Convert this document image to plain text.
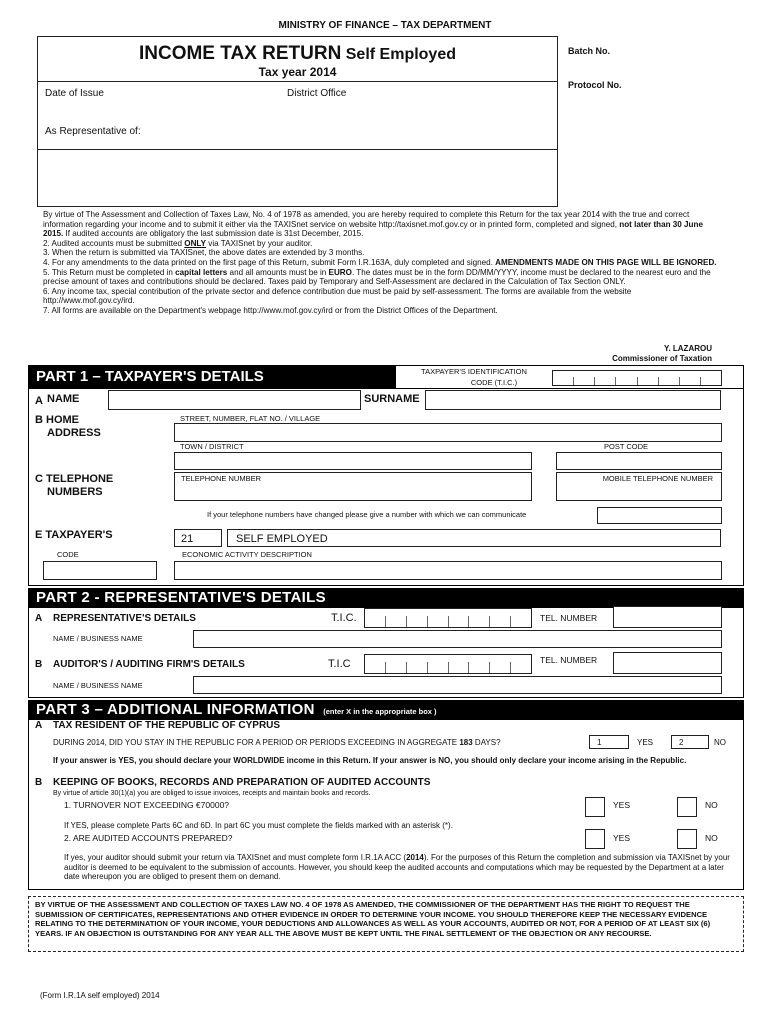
MINISTRY OF FINANCE – TAX DEPARTMENT
INCOME TAX RETURN Self Employed
Tax year 2014
Batch No.
Protocol No.
Date of Issue	District Office
As Representative of:

By virtue of The Assessment and Collection of Taxes Law, No. 4 of 1978 as amended, you are hereby required to complete this Return for the tax year 2014 with the true and correct information regarding your income and to submit it either via the TAXISnet service on website http://taxisnet.mof.gov.cy or in printed form, completed and signed, not later than 30 June 2015. If audited accounts are obligatory the last submission date is 31st December, 2015.

2. Audited accounts must be submitted ONLY via TAXISnet by your auditor.

3. When the return is submitted via TAXISnet, the above dates are extended by 3 months.

4. For any amendments to the data printed on the first page of this Return, submit Form I.R.163A, duly completed and signed. AMENDMENTS MADE ON THIS PAGE WILL BE IGNORED.

5. This Return must be completed in capital letters and all amounts must be in EURO. The dates must be in the form DD/MM/YYYY, income must be declared to the nearest euro and the precise amount of taxes and contributions should be declared. Taxes paid by Temporary and Self-Assessment are declared in the Calculation of Tax Section ONLY.

6. Any income tax, special contribution of the private sector and defence contribution due must be paid by self-assessment. The forms are available from the website http://www.mof.gov.cy/ird.

7. All forms are available on the Department's webpage http://www.mof.gov.cy/ird or from the District Offices of the Department.

Y. LAZAROU
Commissioner of Taxation
PART 1 – TAXPAYER'S DETAILS	TAXPAYER'S IDENTIFICATION
CODE (T.I.C.)
A NAME	SURNAME
B HOME
ADDRESS
STREET, NUMBER, FLAT NO. / VILLAGE
TOWN / DISTRICT	POST CODE
C TELEPHONE
NUMBERS
TELEPHONE NUMBER	MOBILE TELEPHONE NUMBER
If your telephone numbers have changed please give a number with which we can communicate
E TAXPAYER'S	21	SELF EMPLOYED
CODE	ECONOMIC ACTIVITY DESCRIPTION
PART 2 - REPRESENTATIVE'S DETAILS
A REPRESENTATIVE'S DETAILS	T.I.C.	TEL. NUMBER
NAME / BUSINESS NAME
B AUDITOR'S / AUDITING FIRM'S DETAILS	T.I.C	TEL. NUMBER
NAME / BUSINESS NAME
PART 3 – ADDITIONAL INFORMATION (enter X in the appropriate box )
A TAX RESIDENT OF THE REPUBLIC OF CYPRUS
DURING 2014, DID YOU STAY IN THE REPUBLIC FOR A PERIOD OR PERIODS EXCEEDING IN AGGREGATE 183 DAYS?	1	YES	2	NO
If your answer is YES, you should declare your WORLDWIDE income in this Return. If your answer is NO, you should only declare your income arising in the Republic.
B KEEPING OF BOOKS, RECORDS AND PREPARATION OF AUDITED ACCOUNTS
By virtue of article 30(1)(a) you are obliged to issue invoices, receipts and maintain books and records.
1. TURNOVER NOT EXCEEDING €70000?	YES	NO
If YES, please complete Parts 6C and 6D. In part 6C you must complete the fields marked with an asterisk (*).
2. ARE AUDITED ACCOUNTS PREPARED?	YES	NO
If yes, your auditor should submit your return via TAXISnet and must complete form I.R.1A ACC (2014). For the purposes of this Return the completion and submission via TAXISnet by your auditor is deemed to be equivalent to the submission of accounts. However, you should keep the audited accounts and computations which may be requested by the Department at a later date whereupon you are obliged to present them on demand.
BY VIRTUE OF THE ASSESSMENT AND COLLECTION OF TAXES LAW NO. 4 OF 1978 AS AMENDED, THE COMMISSIONER OF THE DEPARTMENT HAS THE RIGHT TO REQUEST THE SUBMISSION OF CERTIFICATES, REPRESENTATIONS AND OTHER EVIDENCE IN ORDER TO DETERMINE YOUR INCOME. YOU SHOULD THEREFORE KEEP THE NECESSARY EVIDENCE RELATING TO THE DETERMINATION OF YOUR INCOME, YOUR DEDUCTIONS AND ALLOWANCES AS WELL AS YOUR ACCOUNTS, AUDITED OR NOT, FOR A PERIOD OF AT LEAST SIX (6) YEARS. IF AN OBJECTION IS OUTSTANDING FOR ANY YEAR ALL THE ABOVE MUST BE KEPT UNTIL THE FINAL SETTLEMENT OF THE OBJECTION OR ANY RECOURSE.
(Form I.R.1A self employed) 2014
